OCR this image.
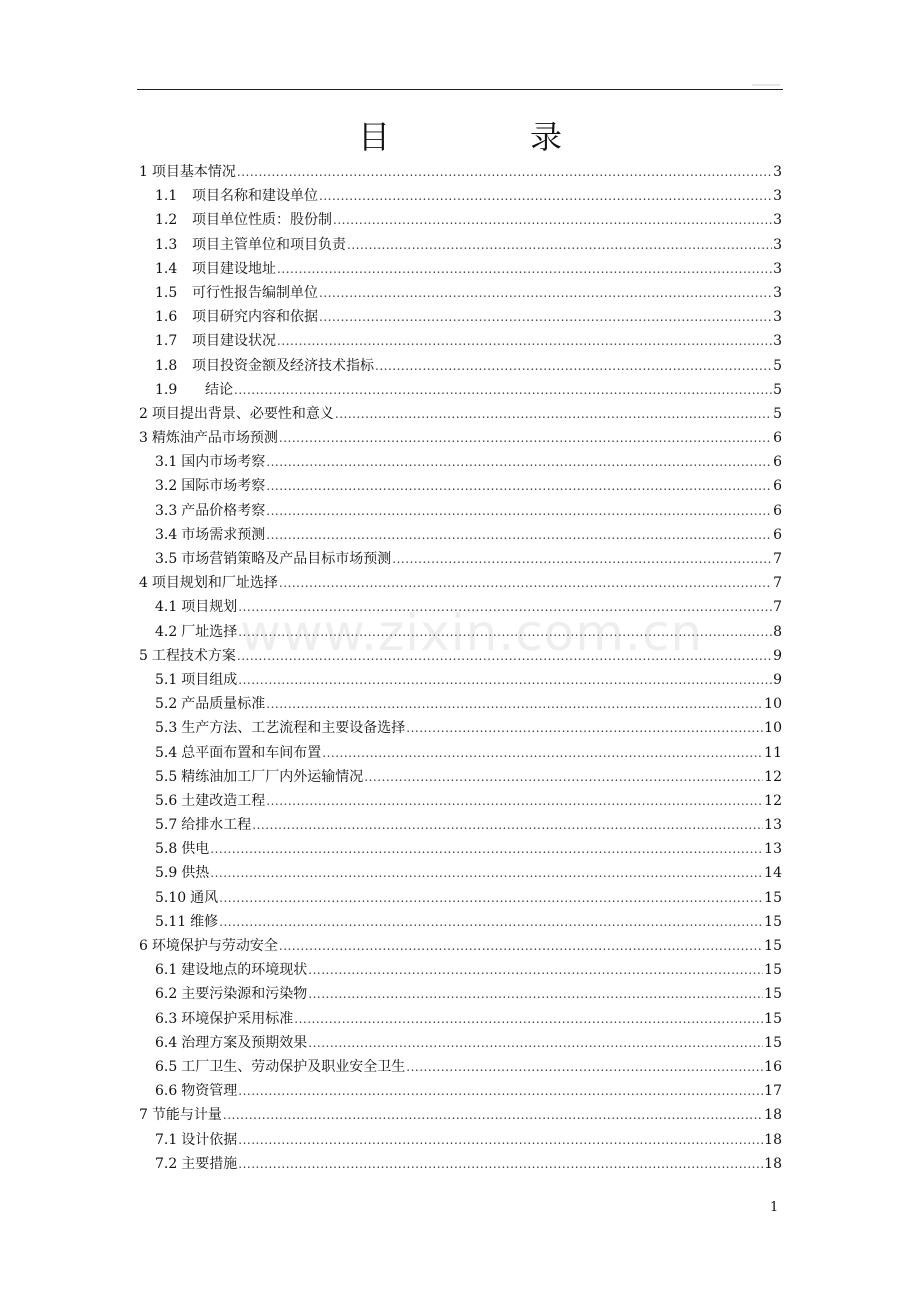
目　录
1 项目基本情况 .....	3
1.1	项目名称和建设单位 .....	3
1.2	项目单位性质：股份制 .....	3
1.3	项目主管单位和项目负责 .....	3
1.4	项目建设地址 .....	3
1.5	可行性报告编制单位 .....	3
1.6	项目研究内容和依据 .....	3
1.7	项目建设状况 .....	3
1.8	项目投资金额及经济技术指标 .....	5
1.9	结论 .....	5
2 项目提出背景、必要性和意义 .....	5
3 精炼油产品市场预测 .....	6
3.1 国内市场考察 .....	6
3.2 国际市场考察 .....	6
3.3 产品价格考察 .....	6
3.4 市场需求预测 .....	6
3.5 市场营销策略及产品目标市场预测 .....	7
4 项目规划和厂址选择 .....	7
4.1 项目规划 .....	7
4.2 厂址选择 .....	8
5 工程技术方案 .....	9
5.1 项目组成 .....	9
5.2 产品质量标准 .....	10
5.3 生产方法、工艺流程和主要设备选择 .....	10
5.4 总平面布置和车间布置 .....	11
5.5 精练油加工厂厂内外运输情况 .....	12
5.6 土建改造工程 .....	12
5.7 给排水工程 .....	13
5.8 供电 .....	13
5.9 供热 .....	14
5.10 通风 .....	15
5.11 维修 .....	15
6 环境保护与劳动安全 .....	15
6.1 建设地点的环境现状 .....	15
6.2 主要污染源和污染物 .....	15
6.3 环境保护采用标准 .....	15
6.4 治理方案及预期效果 .....	15
6.5 工厂卫生、劳动保护及职业安全卫生 .....	16
6.6 物资管理 .....	17
7 节能与计量 .....	18
7.1 设计依据 .....	18
7.2 主要措施 .....	18
www.zixin.com.cn
1
